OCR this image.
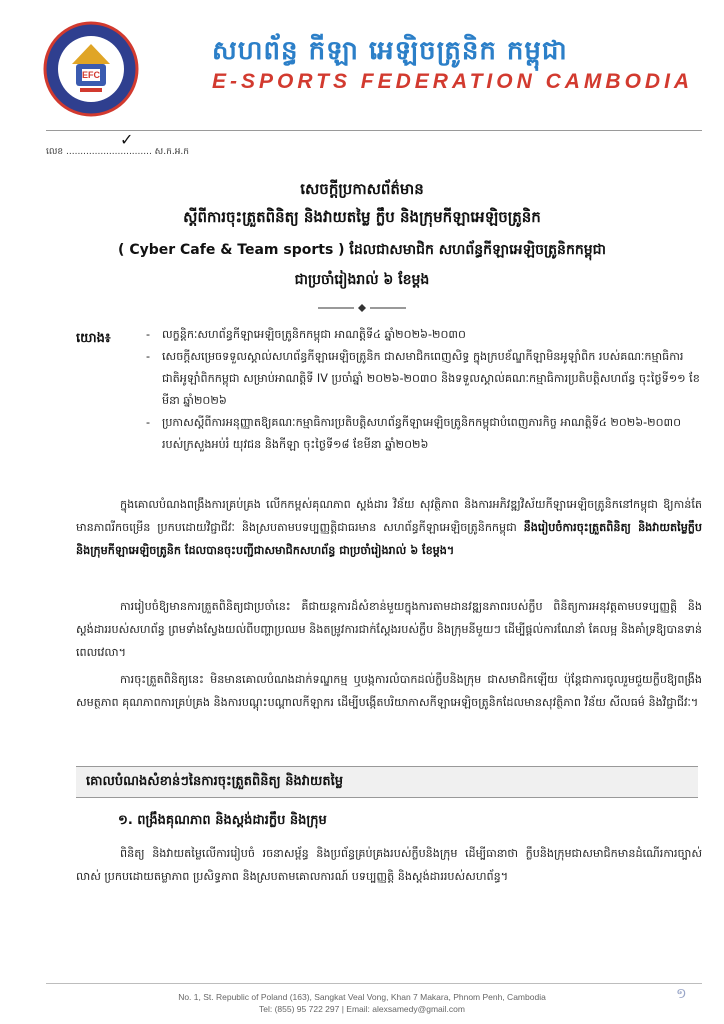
EFC
សហព័ន្ធ កីឡា អេឡិចត្រូនិក កម្ពុជា
E-SPORTS FEDERATION CAMBODIA
✓
លេខ .............................. ស.ក.អ.ក
សេចក្តីប្រកាសព័ត៌មាន
ស្តីពីការចុះត្រួតពិនិត្យ និងវាយតម្លៃ ក្លឹប និងក្រុមកីឡាអេឡិចត្រូនិក
( Cyber Cafe & Team sports ) ដែលជាសមាជិក សហព័ន្ធកីឡាអេឡិចត្រូនិកកម្ពុជា
ជាប្រចាំរៀងរាល់ ៦ ខែម្តង
យោង៖	- លក្ខន្តិកៈសហព័ន្ធកីឡាអេឡិចត្រូនិកកម្ពុជា អាណត្តិទី៤ ឆ្នាំ២០២៦-២០៣០
- សេចក្តីសម្រេចទទួលស្គាល់សហព័ន្ធកីឡាអេឡិចត្រូនិក ជាសមាជិកពេញសិទ្ធ ក្នុងក្របខ័ណ្ឌកីឡាមិនអូឡាំពិក របស់គណៈកម្មាធិការជាតិអូឡាំពិកកម្ពុជា សម្រាប់អាណត្តិទី IV ប្រចាំឆ្នាំ ២០២៦-២០៣០ និងទទួលស្គាល់គណៈកម្មាធិការប្រតិបត្តិសហព័ន្ធ ចុះថ្ងៃទី១១ ខែមីនា ឆ្នាំ២០២៦
- ប្រកាសស្តីពីការអនុញ្ញាតឱ្យគណៈកម្មាធិការប្រតិបត្តិសហព័ន្ធកីឡាអេឡិចត្រូនិកកម្ពុជាបំពេញភារកិច្ច អាណត្តិទី៤ ២០២៦-២០៣០ របស់ក្រសួងអប់រំ យុវជន និងកីឡា ចុះថ្ងៃទី១៨ ខែមីនា ឆ្នាំ២០២៦
ក្នុងគោលបំណងពង្រឹងការគ្រប់គ្រង លើកកម្ពស់គុណភាព ស្តង់ដារ វិន័យ សុវត្ថិភាព និងការអភិវឌ្ឍវិស័យកីឡាអេឡិចត្រូនិកនៅកម្ពុជា ឱ្យកាន់តែមានភាពរីកចម្រើន ប្រកបដោយវិជ្ជាជីវៈ និងស្របតាមបទប្បញ្ញត្តិជាធរមាន សហព័ន្ធកីឡាអេឡិចត្រូនិកកម្ពុជា នឹងរៀបចំការចុះត្រួតពិនិត្យ និងវាយតម្លៃក្លឹប និងក្រុមកីឡាអេឡិចត្រូនិក ដែលបានចុះបញ្ជីជាសមាជិកសហព័ន្ធ ជាប្រចាំរៀងរាល់ ៦ ខែម្តង។
ការរៀបចំឱ្យមានការត្រួតពិនិត្យជាប្រចាំនេះ គឺជាយន្តការដ៏សំខាន់មួយក្នុងការតាមដានវឌ្ឍនភាពរបស់ក្លឹប ពិនិត្យការអនុវត្តតាមបទប្បញ្ញត្តិ និងស្តង់ដាររបស់សហព័ន្ធ ព្រមទាំងស្វែងយល់ពីបញ្ហាប្រឈម និងតម្រូវការជាក់ស្តែងរបស់ក្លឹប និងក្រុមនីមួយៗ ដើម្បីផ្តល់ការណែនាំ គែលម្អ និងគាំទ្រឱ្យបានទាន់ពេលវេលា។
ការចុះត្រួតពិនិត្យនេះ មិនមានគោលបំណងដាក់ទណ្ឌកម្ម ឬបង្កការលំបាកដល់ក្លឹបនិងក្រុម ជាសមាជិកឡើយ ប៉ុន្តែជាការចូលរួមជួយក្លឹបឱ្យពង្រឹងសមត្ថភាព គុណភាពការគ្រប់គ្រង និងការបណ្តុះបណ្តាលកីឡាករ ដើម្បីបង្កើតបរិយាកាសកីឡាអេឡិចត្រូនិកដែលមានសុវត្ថិភាព វិន័យ សីលធម៌ និងវិជ្ជាជីវៈ។
គោលបំណងសំខាន់ៗនៃការចុះត្រួតពិនិត្យ និងវាយតម្លៃ
១. ពង្រឹងគុណភាព និងស្តង់ដារក្លឹប និងក្រុម
ពិនិត្យ និងវាយតម្លៃលើការរៀបចំ រចនាសម្ព័ន្ធ និងប្រព័ន្ធគ្រប់គ្រងរបស់ក្លឹបនិងក្រុម ដើម្បីធានាថា ក្លឹបនិងក្រុមជាសមាជិកមានដំណើរការច្បាស់លាស់ ប្រកបដោយតម្លាភាព ប្រសិទ្ធភាព និងស្របតាមគោលការណ៍ បទប្បញ្ញត្តិ និងស្តង់ដាររបស់សហព័ន្ធ។
No. 1, St. Republic of Poland (163), Sangkat Veal Vong, Khan 7 Makara, Phnom Penh, Cambodia
Tel: (855) 95 722 297 | Email: alexsamedy@gmail.com
១
